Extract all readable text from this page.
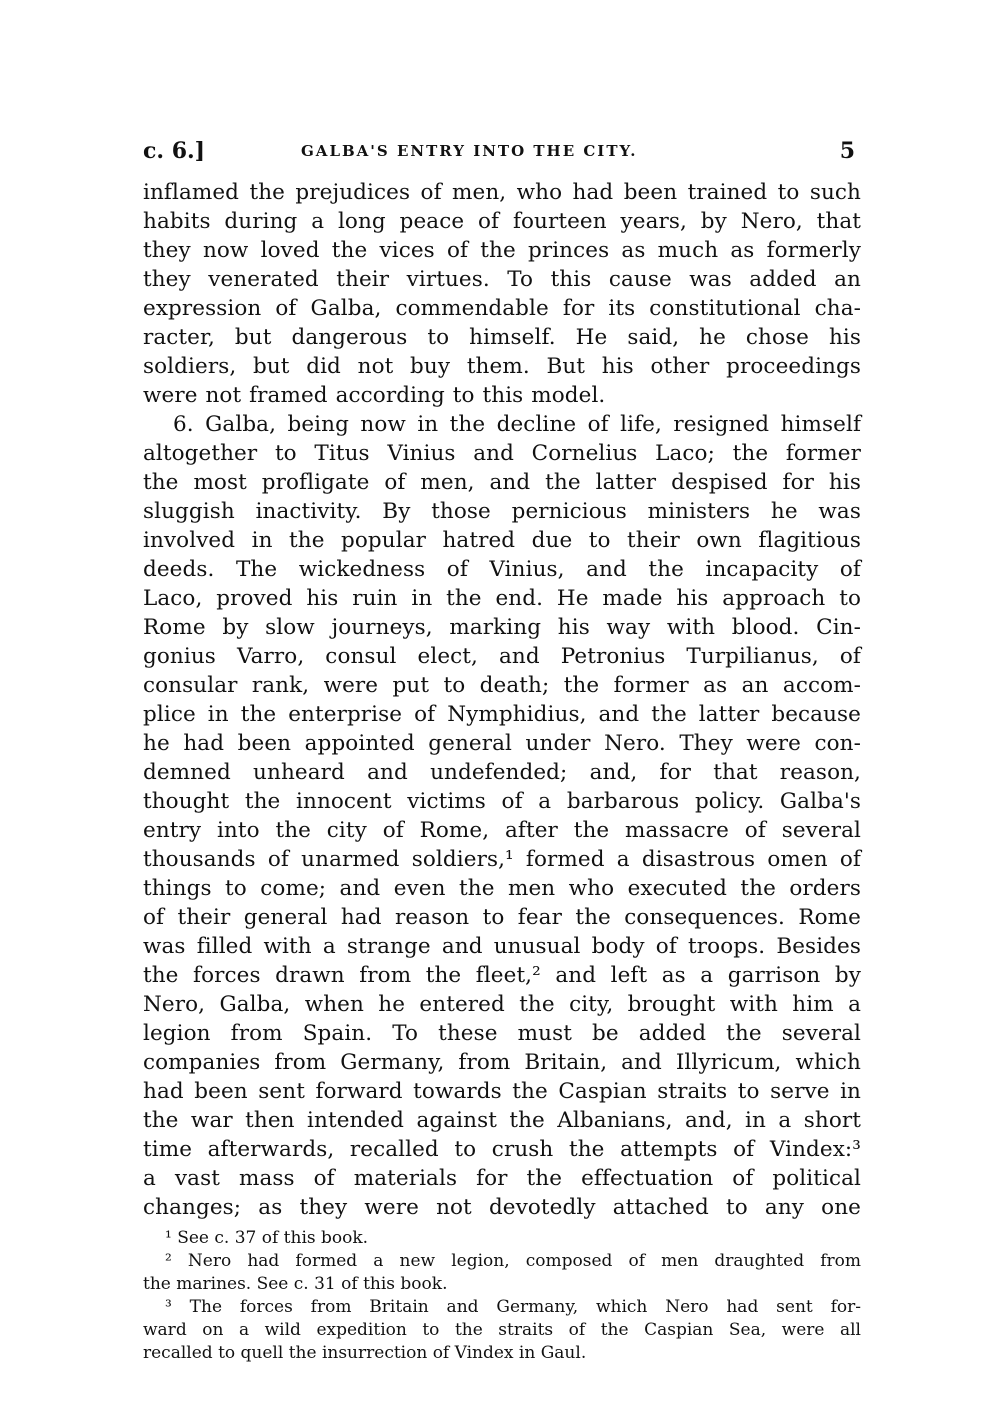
c. 6.]	GALBA'S ENTRY INTO THE CITY.	5
inflamed the prejudices of men, who had been trained to such
habits during a long peace of fourteen years, by Nero, that
they now loved the vices of the princes as much as formerly
they venerated their virtues. To this cause was added an
expression of Galba, commendable for its constitutional cha-
racter, but dangerous to himself. He said, he chose his
soldiers, but did not buy them. But his other proceedings
were not framed according to this model.
6. Galba, being now in the decline of life, resigned himself
altogether to Titus Vinius and Cornelius Laco; the former
the most profligate of men, and the latter despised for his
sluggish inactivity. By those pernicious ministers he was
involved in the popular hatred due to their own flagitious
deeds. The wickedness of Vinius, and the incapacity of
Laco, proved his ruin in the end. He made his approach to
Rome by slow journeys, marking his way with blood. Cin-
gonius Varro, consul elect, and Petronius Turpilianus, of
consular rank, were put to death; the former as an accom-
plice in the enterprise of Nymphidius, and the latter because
he had been appointed general under Nero. They were con-
demned unheard and undefended; and, for that reason,
thought the innocent victims of a barbarous policy. Galba's
entry into the city of Rome, after the massacre of several
thousands of unarmed soldiers,¹ formed a disastrous omen of
things to come; and even the men who executed the orders
of their general had reason to fear the consequences. Rome
was filled with a strange and unusual body of troops. Besides
the forces drawn from the fleet,² and left as a garrison by
Nero, Galba, when he entered the city, brought with him a
legion from Spain. To these must be added the several
companies from Germany, from Britain, and Illyricum, which
had been sent forward towards the Caspian straits to serve in
the war then intended against the Albanians, and, in a short
time afterwards, recalled to crush the attempts of Vindex:³
a vast mass of materials for the effectuation of political
changes; as they were not devotedly attached to any one
¹ See c. 37 of this book.
² Nero had formed a new legion, composed of men draughted from
the marines. See c. 31 of this book.
³ The forces from Britain and Germany, which Nero had sent for-
ward on a wild expedition to the straits of the Caspian Sea, were all
recalled to quell the insurrection of Vindex in Gaul.
